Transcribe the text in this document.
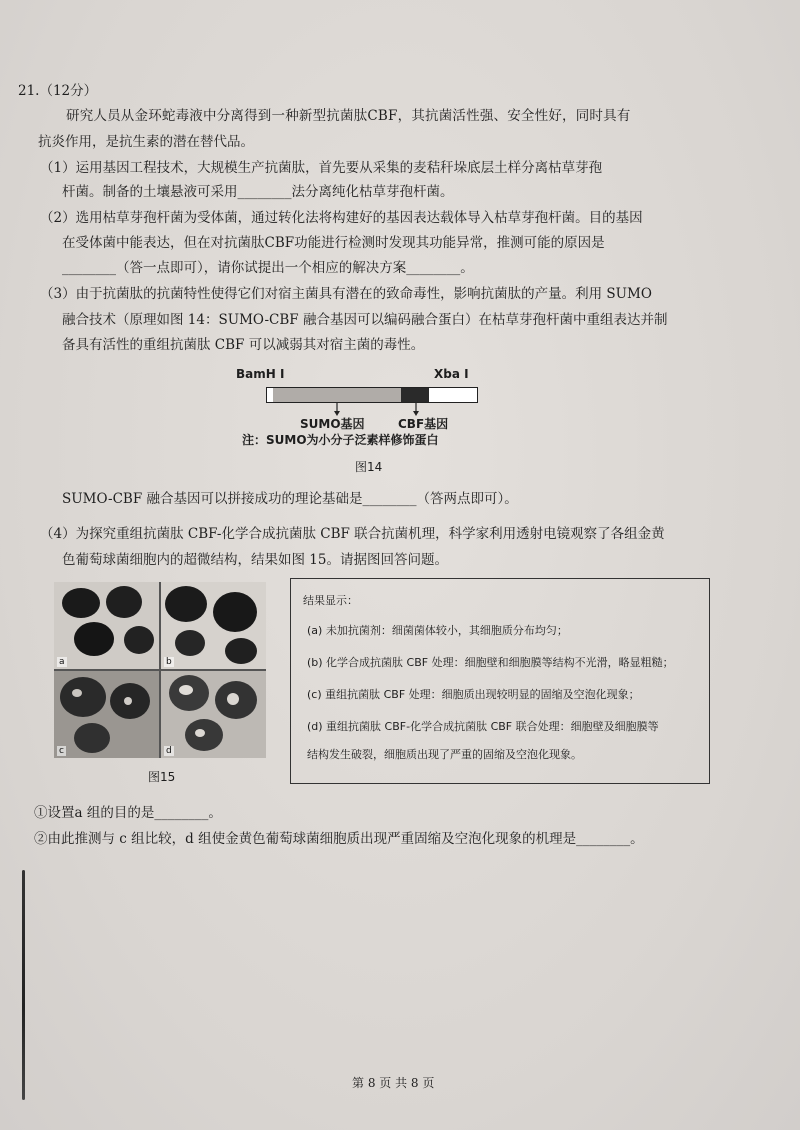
21.（12分）
研究人员从金环蛇毒液中分离得到一种新型抗菌肽CBF，其抗菌活性强、安全性好，同时具有
抗炎作用，是抗生素的潜在替代品。
（1）运用基因工程技术，大规模生产抗菌肽，首先要从采集的麦秸秆垛底层土样分离枯草芽孢
杆菌。制备的土壤悬液可采用________法分离纯化枯草芽孢杆菌。
（2）选用枯草芽孢杆菌为受体菌，通过转化法将构建好的基因表达载体导入枯草芽孢杆菌。目的基因
在受体菌中能表达，但在对抗菌肽CBF功能进行检测时发现其功能异常，推测可能的原因是
________（答一点即可），请你试提出一个相应的解决方案________。
（3）由于抗菌肽的抗菌特性使得它们对宿主菌具有潜在的致命毒性，影响抗菌肽的产量。利用 SUMO
融合技术（原理如图 14：SUMO-CBF 融合基因可以编码融合蛋白）在枯草芽孢杆菌中重组表达并制
备具有活性的重组抗菌肽 CBF 可以减弱其对宿主菌的毒性。
BamH I	Xba I
SUMO基因	CBF基因
注：SUMO为小分子泛素样修饰蛋白
图14
SUMO-CBF 融合基因可以拼接成功的理论基础是________（答两点即可）。
（4）为探究重组抗菌肽 CBF-化学合成抗菌肽 CBF 联合抗菌机理，科学家利用透射电镜观察了各组金黄
色葡萄球菌细胞内的超微结构，结果如图 15。请据图回答问题。
a	b
c	d
图15
结果显示：
(a) 未加抗菌剂：细菌菌体较小，其细胞质分布均匀；
(b) 化学合成抗菌肽 CBF 处理：细胞壁和细胞膜等结构不光滑，略显粗糙；
(c) 重组抗菌肽 CBF 处理：细胞质出现较明显的固缩及空泡化现象；
(d) 重组抗菌肽 CBF-化学合成抗菌肽 CBF 联合处理：细胞壁及细胞膜等
结构发生破裂，细胞质出现了严重的固缩及空泡化现象。
①设置a 组的目的是________。
②由此推测与 c 组比较，d 组使金黄色葡萄球菌细胞质出现严重固缩及空泡化现象的机理是________。
第 8 页 共 8 页
